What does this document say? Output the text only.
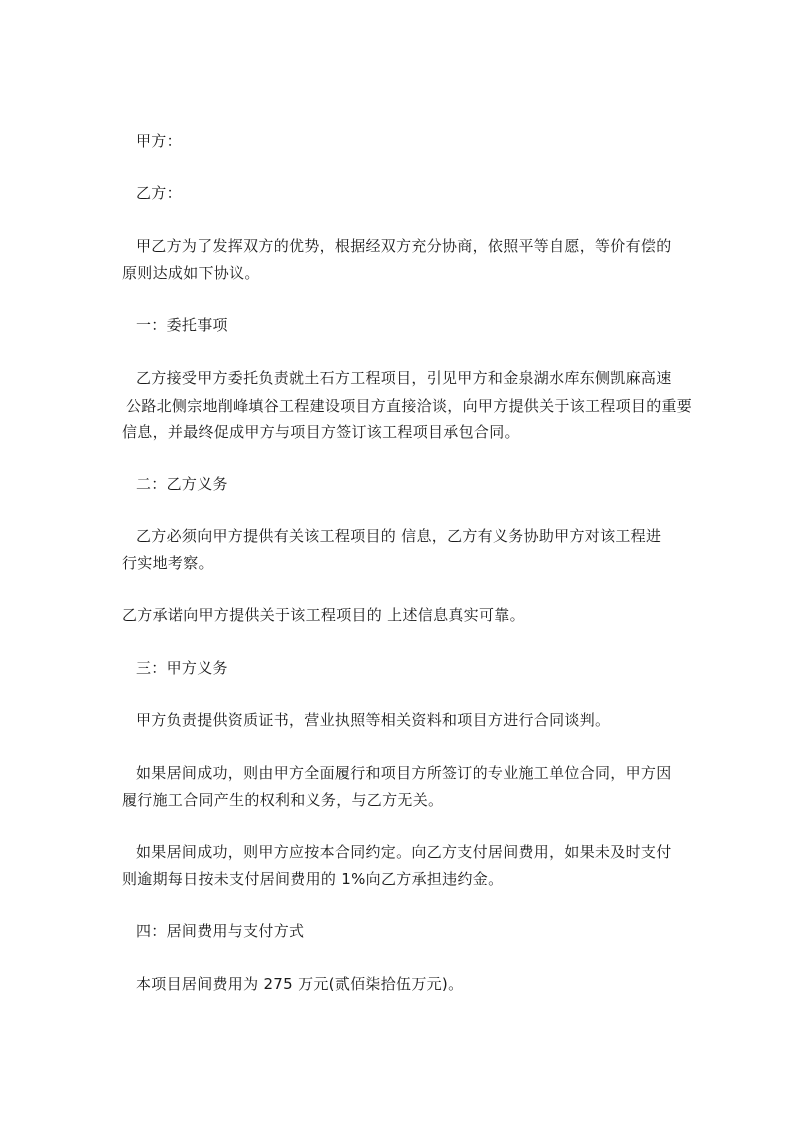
甲方：
乙方：
甲乙方为了发挥双方的优势，根据经双方充分协商，依照平等自愿，等价有偿的
原则达成如下协议。
一：委托事项
乙方接受甲方委托负责就土石方工程项目，引见甲方和金泉湖水库东侧凯麻高速
公路北侧宗地削峰填谷工程建设项目方直接洽谈，向甲方提供关于该工程项目的重要
信息，并最终促成甲方与项目方签订该工程项目承包合同。
二：乙方义务
乙方必须向甲方提供有关该工程项目的 信息，乙方有义务协助甲方对该工程进
行实地考察。
乙方承诺向甲方提供关于该工程项目的 上述信息真实可靠。
三：甲方义务
甲方负责提供资质证书，营业执照等相关资料和项目方进行合同谈判。
如果居间成功，则由甲方全面履行和项目方所签订的专业施工单位合同，甲方因
履行施工合同产生的权利和义务，与乙方无关。
如果居间成功，则甲方应按本合同约定。向乙方支付居间费用，如果未及时支付
则逾期每日按未支付居间费用的 1%向乙方承担违约金。
四：居间费用与支付方式
本项目居间费用为 275 万元(贰佰柒拾伍万元)。
